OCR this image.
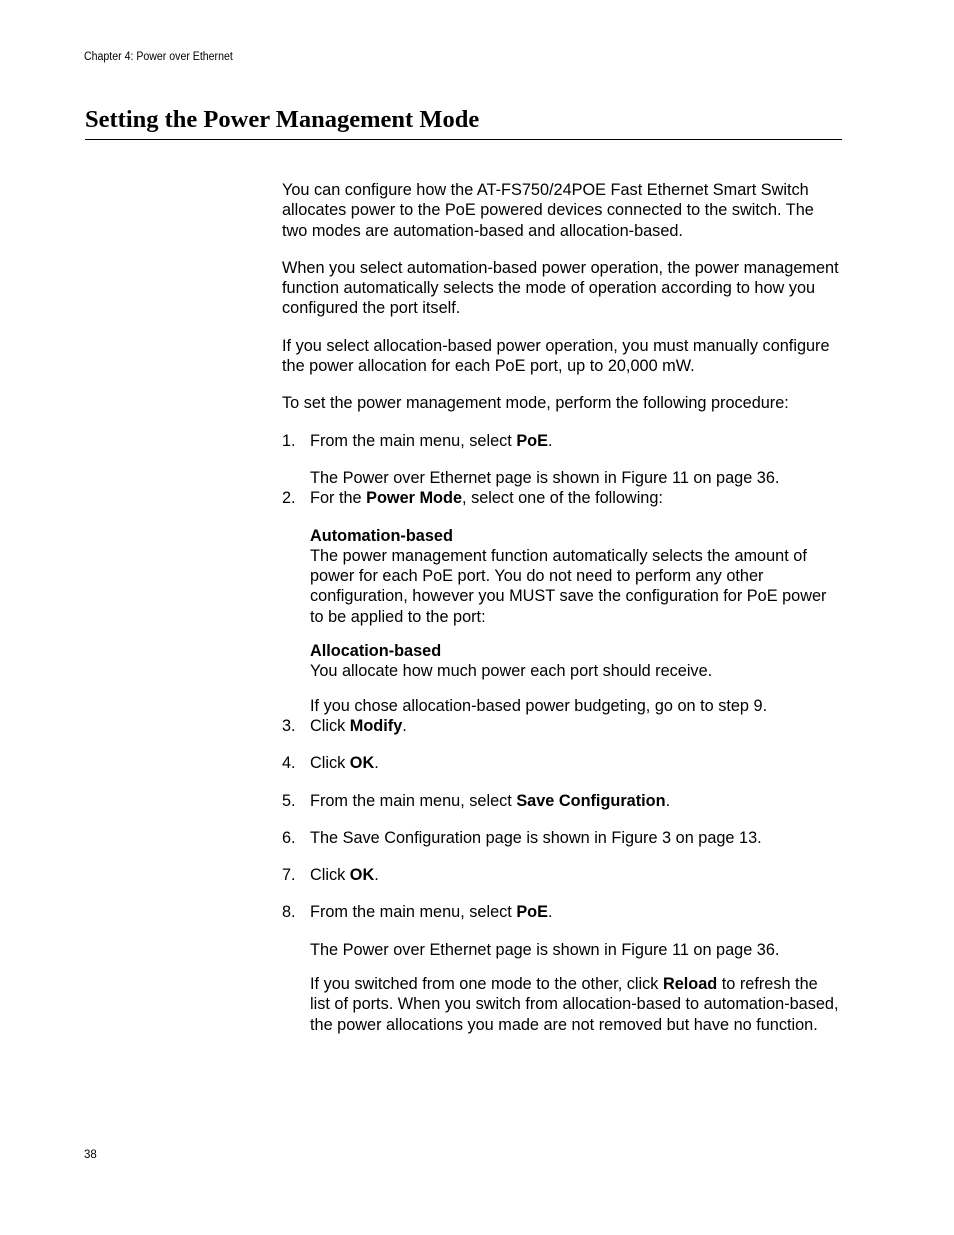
Chapter 4: Power over Ethernet
Setting the Power Management Mode

You can configure how the AT-FS750/24POE Fast Ethernet Smart Switch allocates power to the PoE powered devices connected to the switch. The two modes are automation-based and allocation-based.

When you select automation-based power operation, the power management function automatically selects the mode of operation according to how you configured the port itself.

If you select allocation-based power operation, you must manually configure the power allocation for each PoE port, up to 20,000 mW.

To set the power management mode, perform the following procedure:

1. From the main menu, select PoE.

The Power over Ethernet page is shown in Figure 11 on page 36.

2. For the Power Mode, select one of the following:
Automation-based
The power management function automatically selects the amount of power for each PoE port. You do not need to perform any other configuration, however you MUST save the configuration for PoE power to be applied to the port:
Allocation-based
You allocate how much power each port should receive.

If you chose allocation-based power budgeting, go on to step 9.

3. Click Modify.
4. Click OK.
5. From the main menu, select Save Configuration.
6. The Save Configuration page is shown in Figure 3 on page 13.
7. Click OK.
8. From the main menu, select PoE.

The Power over Ethernet page is shown in Figure 11 on page 36.

If you switched from one mode to the other, click Reload to refresh the list of ports. When you switch from allocation-based to automation-based, the power allocations you made are not removed but have no function.

38
